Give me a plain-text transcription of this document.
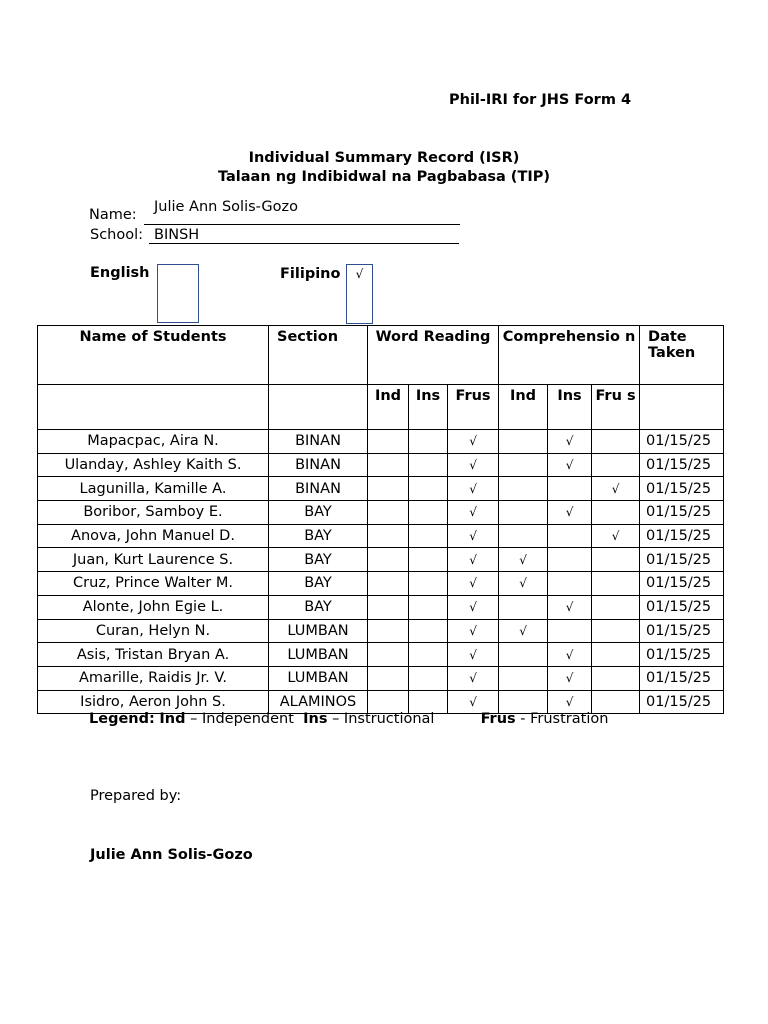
Phil-IRI for JHS Form 4
Individual Summary Record (ISR)
Talaan ng Indibidwal na Pagbabasa (TIP)
Name: Julie Ann Solis-Gozo
School: BINSH
English	Filipino	√
Name of Students	Section	Word Reading			Comprehensio n			Date Taken
		Ind	Ins	Frus	Ind	Ins	Fru s	
Mapacpac, Aira N.	BINAN			√		√		01/15/25
Ulanday, Ashley Kaith S.	BINAN			√		√		01/15/25
Lagunilla, Kamille A.	BINAN			√			√	01/15/25
Boribor, Samboy E.	BAY			√		√		01/15/25
Anova, John Manuel D.	BAY			√			√	01/15/25
Juan, Kurt Laurence S.	BAY			√	√			01/15/25
Cruz, Prince Walter M.	BAY			√	√			01/15/25
Alonte, John Egie L.	BAY			√		√		01/15/25
Curan, Helyn N.	LUMBAN			√	√			01/15/25
Asis, Tristan Bryan A.	LUMBAN			√		√		01/15/25
Amarille, Raidis Jr. V.	LUMBAN			√		√		01/15/25
Isidro, Aeron John S.	ALAMINOS			√		√		01/15/25
Legend: Ind – Independent  Ins – Instructional          Frus - Frustration
Prepared by:
Julie Ann Solis-Gozo
